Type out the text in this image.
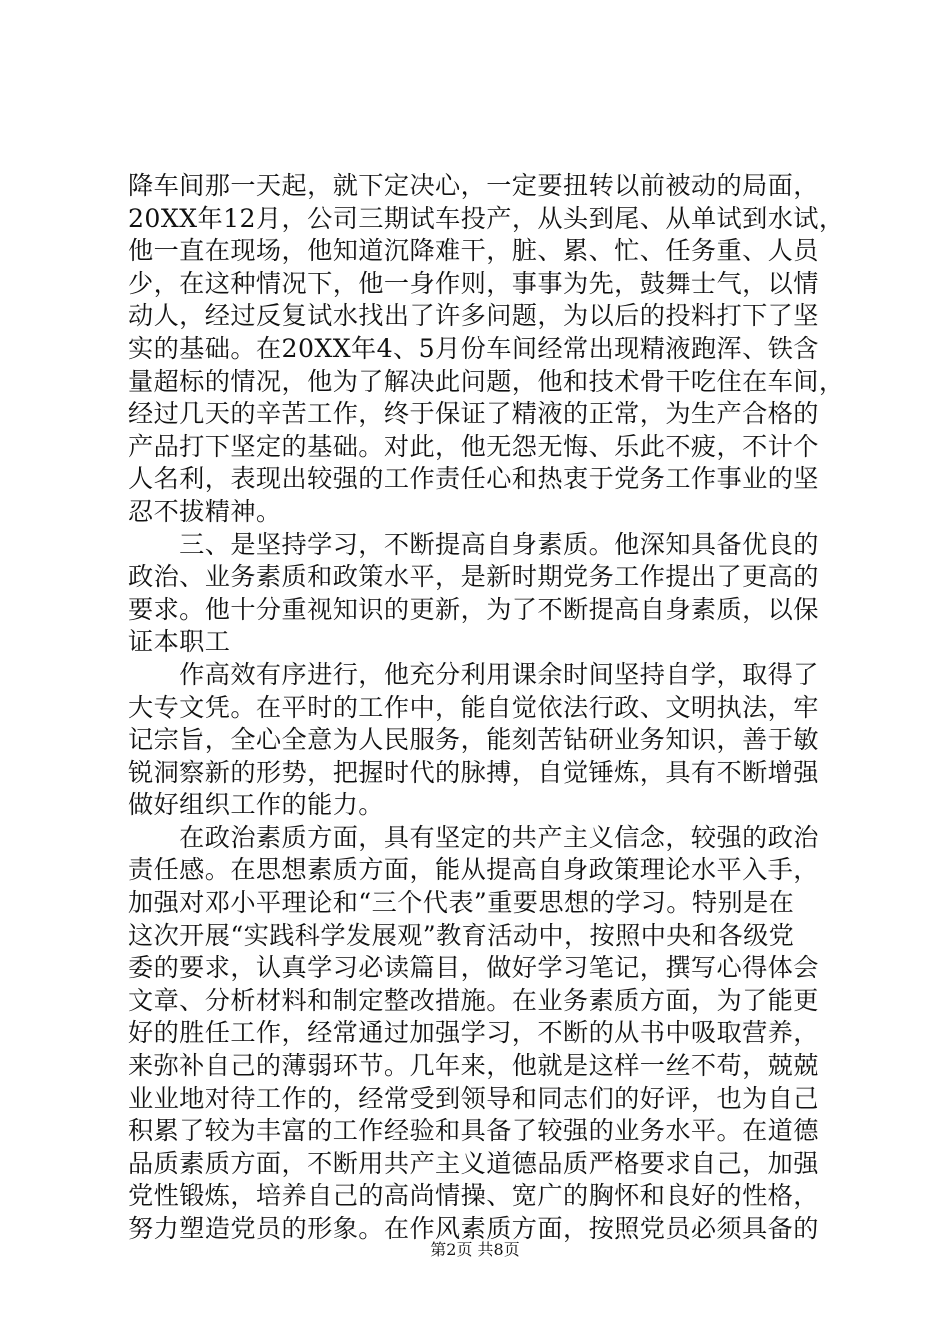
降车间那一天起，就下定决心，一定要扭转以前被动的局面，
20XX年12月，公司三期试车投产，从头到尾、从单试到水试，
他一直在现场，他知道沉降难干，脏、累、忙、任务重、人员
少，在这种情况下，他一身作则，事事为先，鼓舞士气，以情
动人，经过反复试水找出了许多问题，为以后的投料打下了坚
实的基础。在20XX年4、5月份车间经常出现精液跑浑、铁含
量超标的情况，他为了解决此问题，他和技术骨干吃住在车间，
经过几天的辛苦工作，终于保证了精液的正常，为生产合格的
产品打下坚定的基础。对此，他无怨无悔、乐此不疲，不计个
人名利，表现出较强的工作责任心和热衷于党务工作事业的坚
忍不拔精神。
　　三、是坚持学习，不断提高自身素质。他深知具备优良的
政治、业务素质和政策水平，是新时期党务工作提出了更高的
要求。他十分重视知识的更新，为了不断提高自身素质，以保
证本职工
　　作高效有序进行，他充分利用课余时间坚持自学，取得了
大专文凭。在平时的工作中，能自觉依法行政、文明执法，牢
记宗旨，全心全意为人民服务，能刻苦钻研业务知识，善于敏
锐洞察新的形势，把握时代的脉搏，自觉锤炼，具有不断增强
做好组织工作的能力。
　　在政治素质方面，具有坚定的共产主义信念，较强的政治
责任感。在思想素质方面，能从提高自身政策理论水平入手，
加强对邓小平理论和“三个代表”重要思想的学习。特别是在
这次开展“实践科学发展观”教育活动中，按照中央和各级党
委的要求，认真学习必读篇目，做好学习笔记，撰写心得体会
文章、分析材料和制定整改措施。在业务素质方面，为了能更
好的胜任工作，经常通过加强学习，不断的从书中吸取营养，
来弥补自己的薄弱环节。几年来，他就是这样一丝不苟，兢兢
业业地对待工作的，经常受到领导和同志们的好评，也为自己
积累了较为丰富的工作经验和具备了较强的业务水平。在道德
品质素质方面，不断用共产主义道德品质严格要求自己，加强
党性锻炼，培养自己的高尚情操、宽广的胸怀和良好的性格，
努力塑造党员的形象。在作风素质方面，按照党员必须具备的
第2页 共8页
